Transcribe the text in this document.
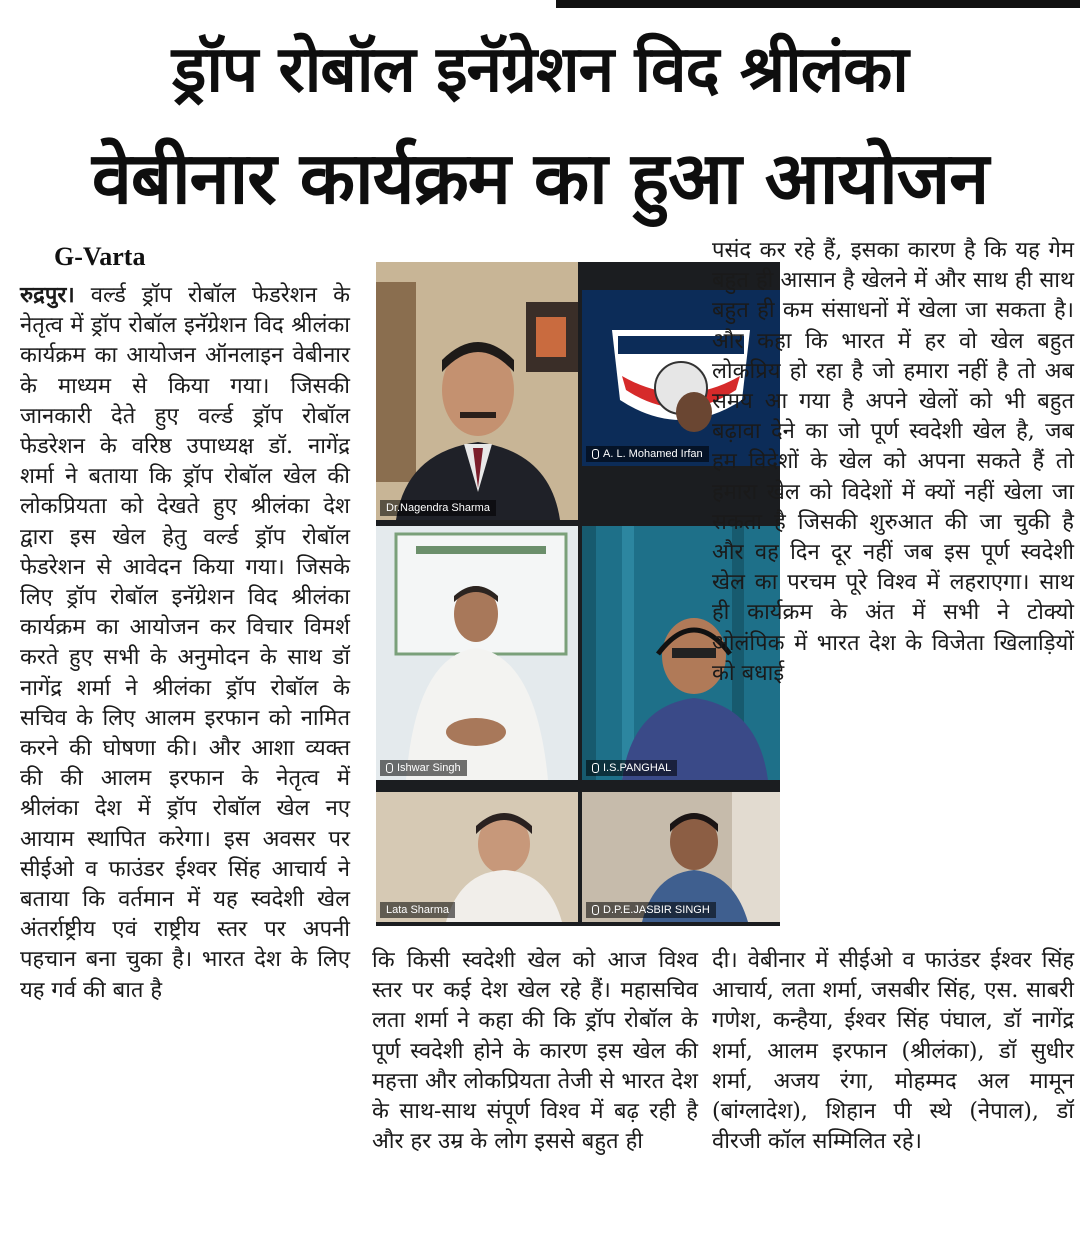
ड्रॉप रोबॉल इनॅग्रेशन विद श्रीलंका
वेबीनार कार्यक्रम का हुआ आयोजन
G-Varta

रुद्रपुर। वर्ल्ड ड्रॉप रोबॉल फेडरेशन के नेतृत्व में ड्रॉप रोबॉल इनॅग्रेशन विद श्रीलंका कार्यक्रम का आयोजन ऑनलाइन वेबीनार के माध्यम से किया गया। जिसकी जानकारी देते हुए वर्ल्ड ड्रॉप रोबॉल फेडरेशन के वरिष्ठ उपाध्यक्ष डॉ. नागेंद्र शर्मा ने बताया कि ड्रॉप रोबॉल खेल की लोकप्रियता को देखते हुए श्रीलंका देश द्वारा इस खेल हेतु वर्ल्ड ड्रॉप रोबॉल फेडरेशन से आवेदन किया गया। जिसके लिए ड्रॉप रोबॉल इनॅग्रेशन विद श्रीलंका कार्यक्रम का आयोजन कर विचार विमर्श करते हुए सभी के अनुमोदन के साथ डॉ नागेंद्र शर्मा ने श्रीलंका ड्रॉप रोबॉल के सचिव के लिए आलम इरफान को नामित करने की घोषणा की। और आशा व्यक्त की की आलम इरफान के नेतृत्व में श्रीलंका देश में ड्रॉप रोबॉल खेल नए आयाम स्थापित करेगा। इस अवसर पर सीईओ व फाउंडर ईश्वर सिंह आचार्य ने बताया कि वर्तमान में यह स्वदेशी खेल अंतर्राष्ट्रीय एवं राष्ट्रीय स्तर पर अपनी पहचान बना चुका है। भारत देश के लिए यह गर्व की बात है

Dr.Nagendra Sharma
A. L. Mohamed Irfan
Ishwar Singh	I.S.PANGHAL
Lata Sharma	D.P.E.JASBIR SINGH

कि किसी स्वदेशी खेल को आज विश्व स्तर पर कई देश खेल रहे हैं। महासचिव लता शर्मा ने कहा की कि ड्रॉप रोबॉल के पूर्ण स्वदेशी होने के कारण इस खेल की महत्ता और लोकप्रियता तेजी से भारत देश के साथ-साथ संपूर्ण विश्व में बढ़ रही है और हर उम्र के लोग इससे बहुत ही

पसंद कर रहे हैं, इसका कारण है कि यह गेम बहुत ही आसान है खेलने में और साथ ही साथ बहुत ही कम संसाधनों में खेला जा सकता है। और कहा कि भारत में हर वो खेल बहुत लोकप्रिय हो रहा है जो हमारा नहीं है तो अब समय आ गया है अपने खेलों को भी बहुत बढ़ावा देने का जो पूर्ण स्वदेशी खेल है, जब हम विदेशों के खेल को अपना सकते हैं तो हमारा खेल को विदेशों में क्यों नहीं खेला जा सकता है जिसकी शुरुआत की जा चुकी है और वह दिन दूर नहीं जब इस पूर्ण स्वदेशी खेल का परचम पूरे विश्व में लहराएगा। साथ ही कार्यक्रम के अंत में सभी ने टोक्यो ओलंपिक में भारत देश के विजेता खिलाड़ियों को बधाई

दी। वेबीनार में सीईओ व फाउंडर ईश्वर सिंह आचार्य, लता शर्मा, जसबीर सिंह, एस. साबरी गणेश, कन्हैया, ईश्वर सिंह पंघाल, डॉ नागेंद्र शर्मा, आलम इरफान (श्रीलंका), डॉ सुधीर शर्मा, अजय रंगा, मोहम्मद अल मामून (बांग्लादेश), शिहान पी स्थे (नेपाल), डॉ वीरजी कॉल सम्मिलित रहे।
